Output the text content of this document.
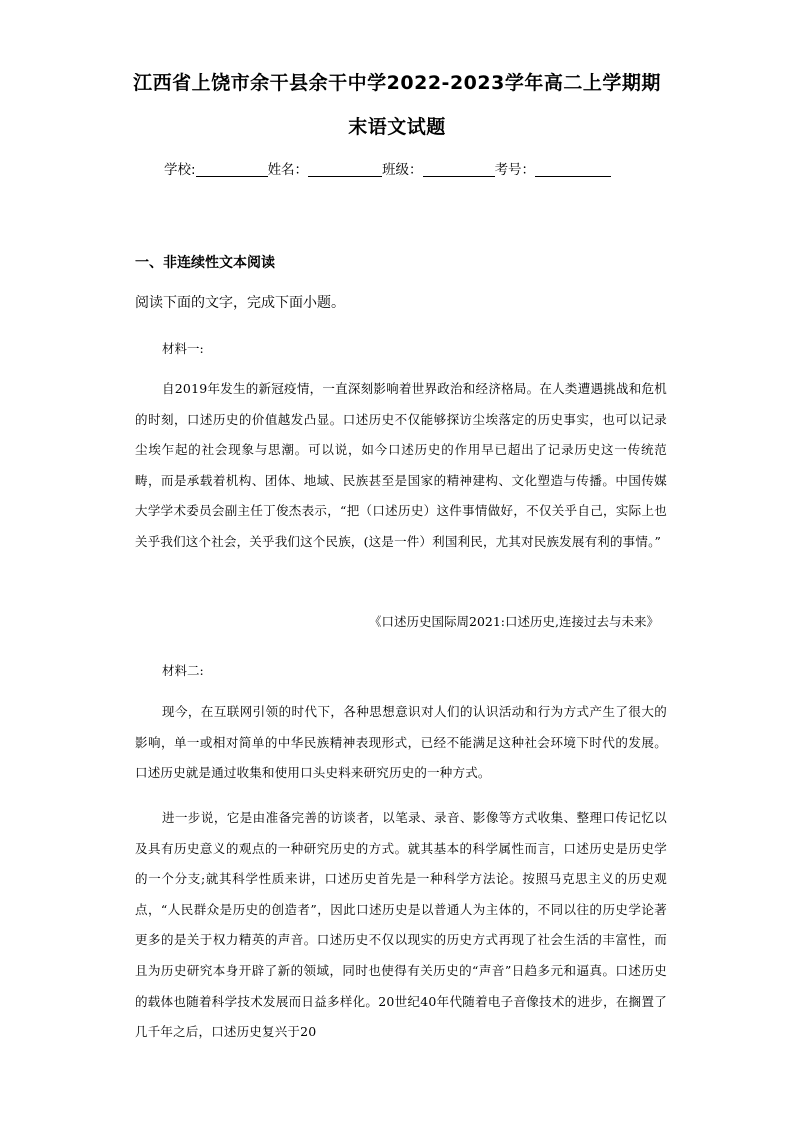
江西省上饶市余干县余干中学2022-2023学年高二上学期期
末语文试题
学校:	姓名：	班级：	考号：
一、非连续性文本阅读
阅读下面的文字，完成下面小题。
材料一:
自2019年发生的新冠疫情，一直深刻影响着世界政治和经济格局。在人类遭遇挑战和危机的时刻，口述历史的价值越发凸显。口述历史不仅能够探访尘埃落定的历史事实，也可以记录尘埃乍起的社会现象与思潮。可以说，如今口述历史的作用早已超出了记录历史这一传统范畴，而是承载着机构、团体、地域、民族甚至是国家的精神建构、文化塑造与传播。中国传媒大学学术委员会副主任丁俊杰表示，“把（口述历史）这件事情做好，不仅关乎自己，实际上也关乎我们这个社会，关乎我们这个民族，(这是一件）利国利民，尤其对民族发展有利的事情。”
《口述历史国际周2021:口述历史,连接过去与未来》
材料二:
现今，在互联网引领的时代下，各种思想意识对人们的认识活动和行为方式产生了很大的影响，单一或相对简单的中华民族精神表现形式，已经不能满足这种社会环境下时代的发展。口述历史就是通过收集和使用口头史料来研究历史的一种方式。
进一步说，它是由准备完善的访谈者，以笔录、录音、影像等方式收集、整理口传记忆以及具有历史意义的观点的一种研究历史的方式。就其基本的科学属性而言，口述历史是历史学的一个分支;就其科学性质来讲，口述历史首先是一种科学方法论。按照马克思主义的历史观点，“人民群众是历史的创造者”，因此口述历史是以普通人为主体的，不同以往的历史学论著更多的是关于权力精英的声音。口述历史不仅以现实的历史方式再现了社会生活的丰富性，而且为历史研究本身开辟了新的领域，同时也使得有关历史的“声音”日趋多元和逼真。口述历史的载体也随着科学技术发展而日益多样化。20世纪40年代随着电子音像技术的进步，在搁置了几千年之后，口述历史复兴于20
